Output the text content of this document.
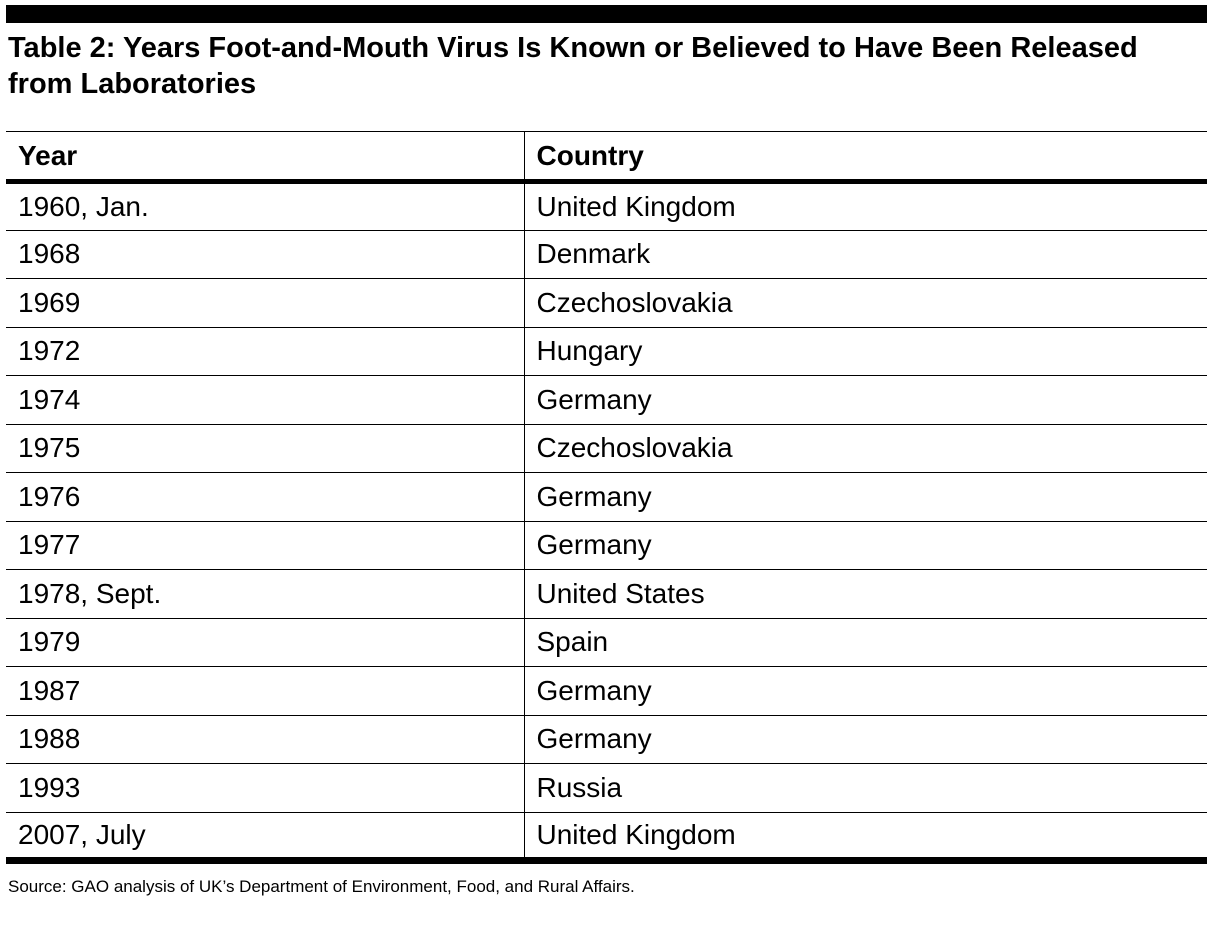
Table 2: Years Foot-and-Mouth Virus Is Known or Believed to Have Been Released from Laboratories
Year	Country
1960, Jan.	United Kingdom
1968	Denmark
1969	Czechoslovakia
1972	Hungary
1974	Germany
1975	Czechoslovakia
1976	Germany
1977	Germany
1978, Sept.	United States
1979	Spain
1987	Germany
1988	Germany
1993	Russia
2007, July	United Kingdom
Source: GAO analysis of UK’s Department of Environment, Food, and Rural Affairs.
